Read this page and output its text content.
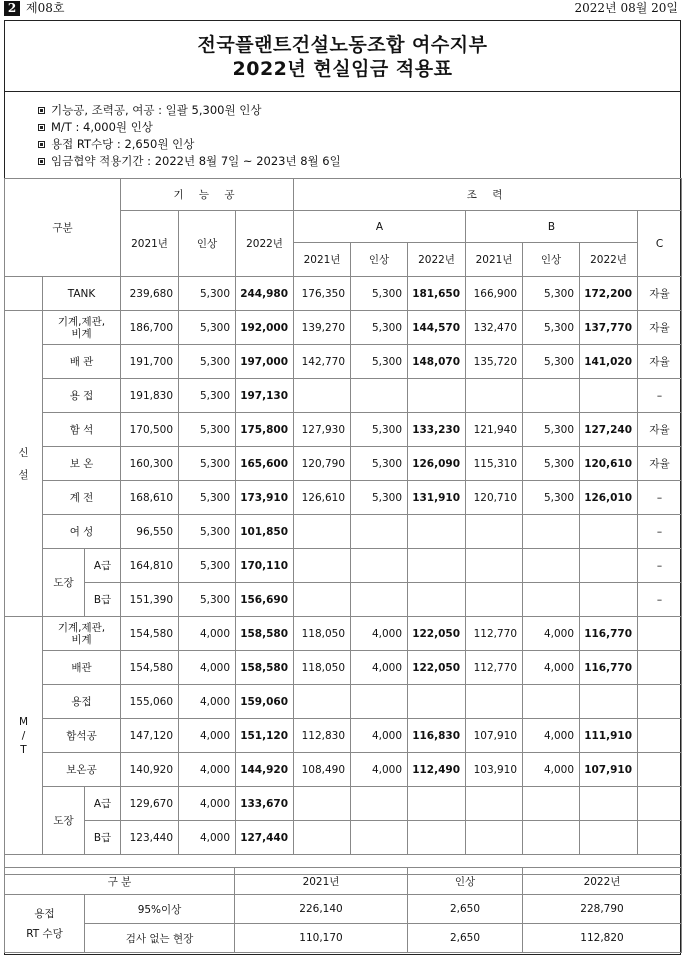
2 제08호	2022년 08월 20일
전국플랜트건설노동조합 여수지부
2022년 현실임금 적용표
기능공, 조력공, 여공 : 일괄 5,300원 인상
M/T : 4,000원 인상
용접 RT수당 : 2,650원 인상
임금협약 적용기간 : 2022년 8월 7일 ~ 2023년 8월 6일
구분			기 능 공			조 력						
			2021년	인상	2022년	A			B			C
						2021년	인상	2022년	2021년	인상	2022년	
	TANK		239,680	5,300	244,980	176,350	5,300	181,650	166,900	5,300	172,200	자율
신
설	기계,제관,
비계		186,700	5,300	192,000	139,270	5,300	144,570	132,470	5,300	137,770	자율
	배 관		191,700	5,300	197,000	142,770	5,300	148,070	135,720	5,300	141,020	자율
	용 접		191,830	5,300	197,130							–
	함 석		170,500	5,300	175,800	127,930	5,300	133,230	121,940	5,300	127,240	자율
	보 온		160,300	5,300	165,600	120,790	5,300	126,090	115,310	5,300	120,610	자율
	계 전		168,610	5,300	173,910	126,610	5,300	131,910	120,710	5,300	126,010	–
	여 성		96,550	5,300	101,850							–
	도장	A급	164,810	5,300	170,110							–
		B급	151,390	5,300	156,690							–
M
/
T	기계,제관,
비계		154,580	4,000	158,580	118,050	4,000	122,050	112,770	4,000	116,770	
	배관		154,580	4,000	158,580	118,050	4,000	122,050	112,770	4,000	116,770	
	용접		155,060	4,000	159,060							
	함석공		147,120	4,000	151,120	112,830	4,000	116,830	107,910	4,000	111,910	
	보온공		140,920	4,000	144,920	108,490	4,000	112,490	103,910	4,000	107,910	
	도장	A급	129,670	4,000	133,670							
		B급	123,440	4,000	127,440							

구 분		2021년	인상	2022년
용접
RT 수당	95%이상	226,140	2,650	228,790
	검사 없는 현장	110,170	2,650	112,820
